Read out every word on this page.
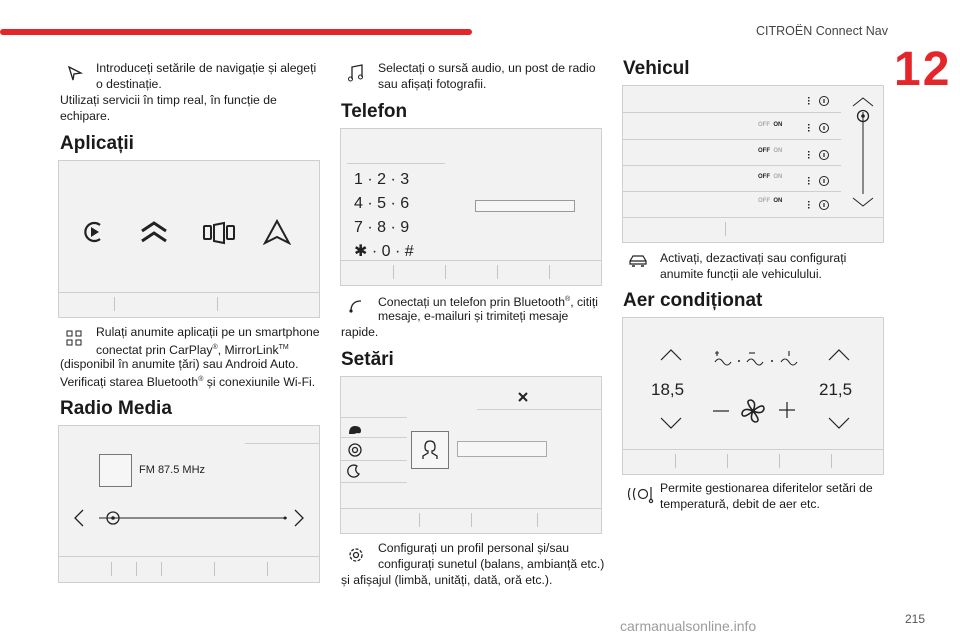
CITROËN Connect Nav
12
Introduceți setările de navigație și alegeți
o destinație.
Utilizați servicii în timp real, în funcție de
echipare.
Aplicații
Rulați anumite aplicații pe un smartphone
conectat prin CarPlay®, MirrorLink™
(disponibil în anumite țări) sau Android Auto.
Verificați starea Bluetooth® și conexiunile Wi-Fi.
Radio Media
FM 87.5 MHz
Selectați o sursă audio, un post de radio
sau afișați fotografii.
Telefon
1 · 2 · 3
4 · 5 · 6
7 · 8 · 9
✱ · 0 · #
Conectați un telefon prin Bluetooth®, citiți
mesaje, e-mailuri și trimiteți mesaje
rapide.
Setări
Configurați un profil personal și/sau
configurați sunetul (balans, ambianță etc.)
și afișajul (limbă, unități, dată, oră etc.).
Vehicul
OFF ON
OFF ON
OFF ON
OFF ON
Activați, dezactivați sau configurați
anumite funcții ale vehiculului.
Aer condiționat
18,5	21,5
Permite gestionarea diferitelor setări de
temperatură, debit de aer etc.
215
carmanualsonline.info
